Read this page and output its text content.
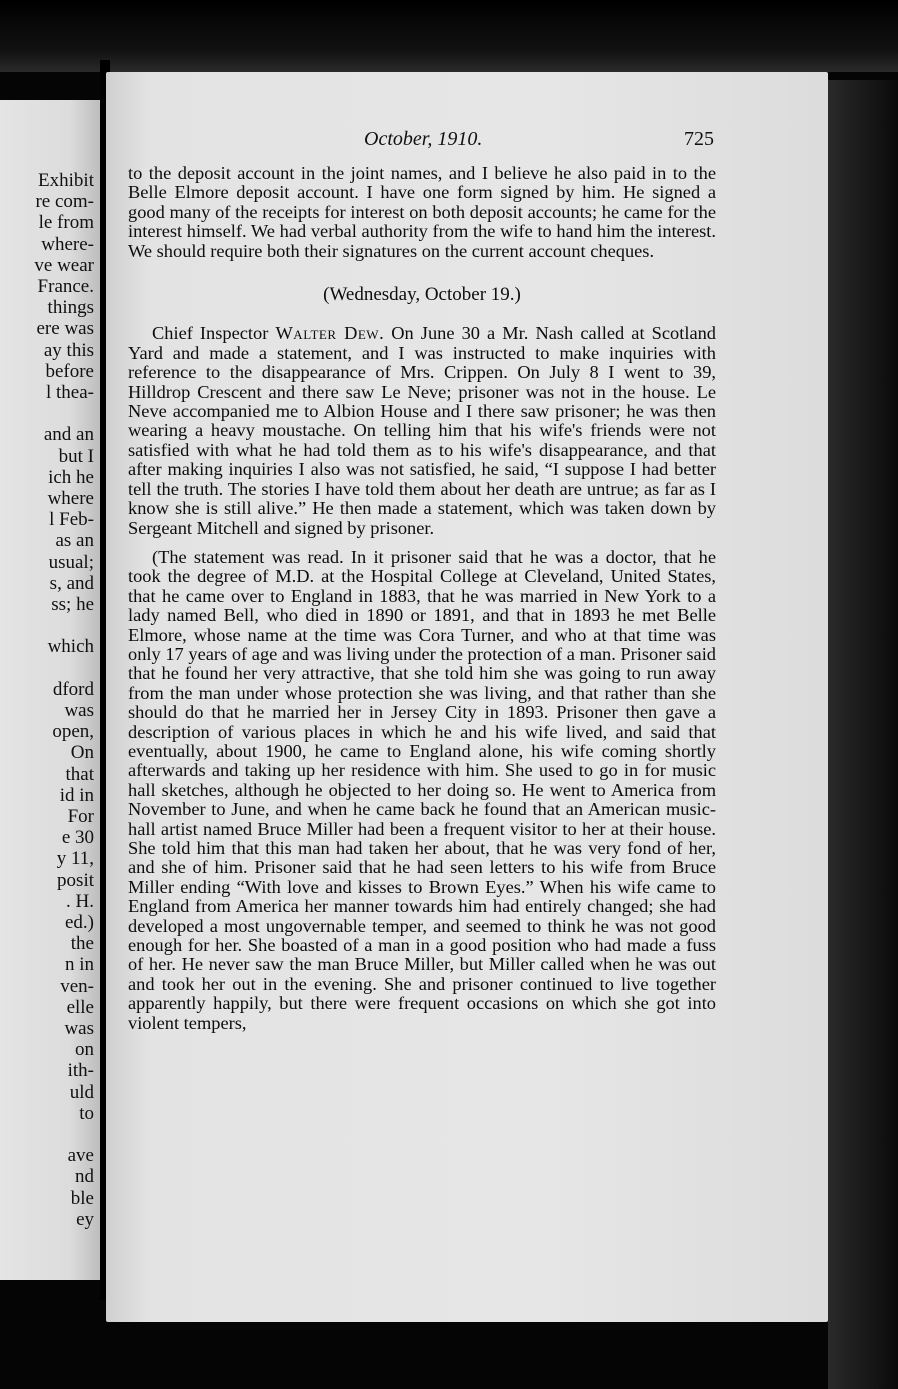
Exhibit
re com-
le from
where-
ve wear
France.
things
ere was
ay this
before
l thea-
and an
but I
ich he
where
l Feb-
as an
usual;
s, and
ss; he
which
dford
was
open,
On
that
id in
For
e 30
y 11,
posit
. H.
ed.)
the
n in
ven-
elle
was
on
ith-
uld
to
ave
nd
ble
ey
October, 1910.	725

to the deposit account in the joint names, and I believe he also paid in to the Belle Elmore deposit account. I have one form signed by him. He signed a good many of the receipts for interest on both deposit accounts; he came for the interest himself. We had verbal authority from the wife to hand him the interest. We should require both their signatures on the current account cheques.

(Wednesday, October 19.)

Chief Inspector Walter Dew. On June 30 a Mr. Nash called at Scotland Yard and made a statement, and I was instructed to make inquiries with reference to the disappearance of Mrs. Crippen. On July 8 I went to 39, Hilldrop Crescent and there saw Le Neve; prisoner was not in the house. Le Neve accompanied me to Albion House and I there saw prisoner; he was then wearing a heavy moustache. On telling him that his wife's friends were not satisfied with what he had told them as to his wife's disappearance, and that after making inquiries I also was not satisfied, he said, “I suppose I had better tell the truth. The stories I have told them about her death are untrue; as far as I know she is still alive.” He then made a statement, which was taken down by Sergeant Mitchell and signed by prisoner.

(The statement was read. In it prisoner said that he was a doctor, that he took the degree of M.D. at the Hospital College at Cleveland, United States, that he came over to England in 1883, that he was married in New York to a lady named Bell, who died in 1890 or 1891, and that in 1893 he met Belle Elmore, whose name at the time was Cora Turner, and who at that time was only 17 years of age and was living under the protection of a man. Prisoner said that he found her very attractive, that she told him she was going to run away from the man under whose protection she was living, and that rather than she should do that he married her in Jersey City in 1893. Prisoner then gave a description of various places in which he and his wife lived, and said that eventually, about 1900, he came to England alone, his wife coming shortly afterwards and taking up her residence with him. She used to go in for music hall sketches, although he objected to her doing so. He went to America from November to June, and when he came back he found that an American music-hall artist named Bruce Miller had been a frequent visitor to her at their house. She told him that this man had taken her about, that he was very fond of her, and she of him. Prisoner said that he had seen letters to his wife from Bruce Miller ending “With love and kisses to Brown Eyes.” When his wife came to England from America her manner towards him had entirely changed; she had developed a most ungovernable temper, and seemed to think he was not good enough for her. She boasted of a man in a good position who had made a fuss of her. He never saw the man Bruce Miller, but Miller called when he was out and took her out in the evening. She and prisoner continued to live together apparently happily, but there were frequent occasions on which she got into violent tempers,
